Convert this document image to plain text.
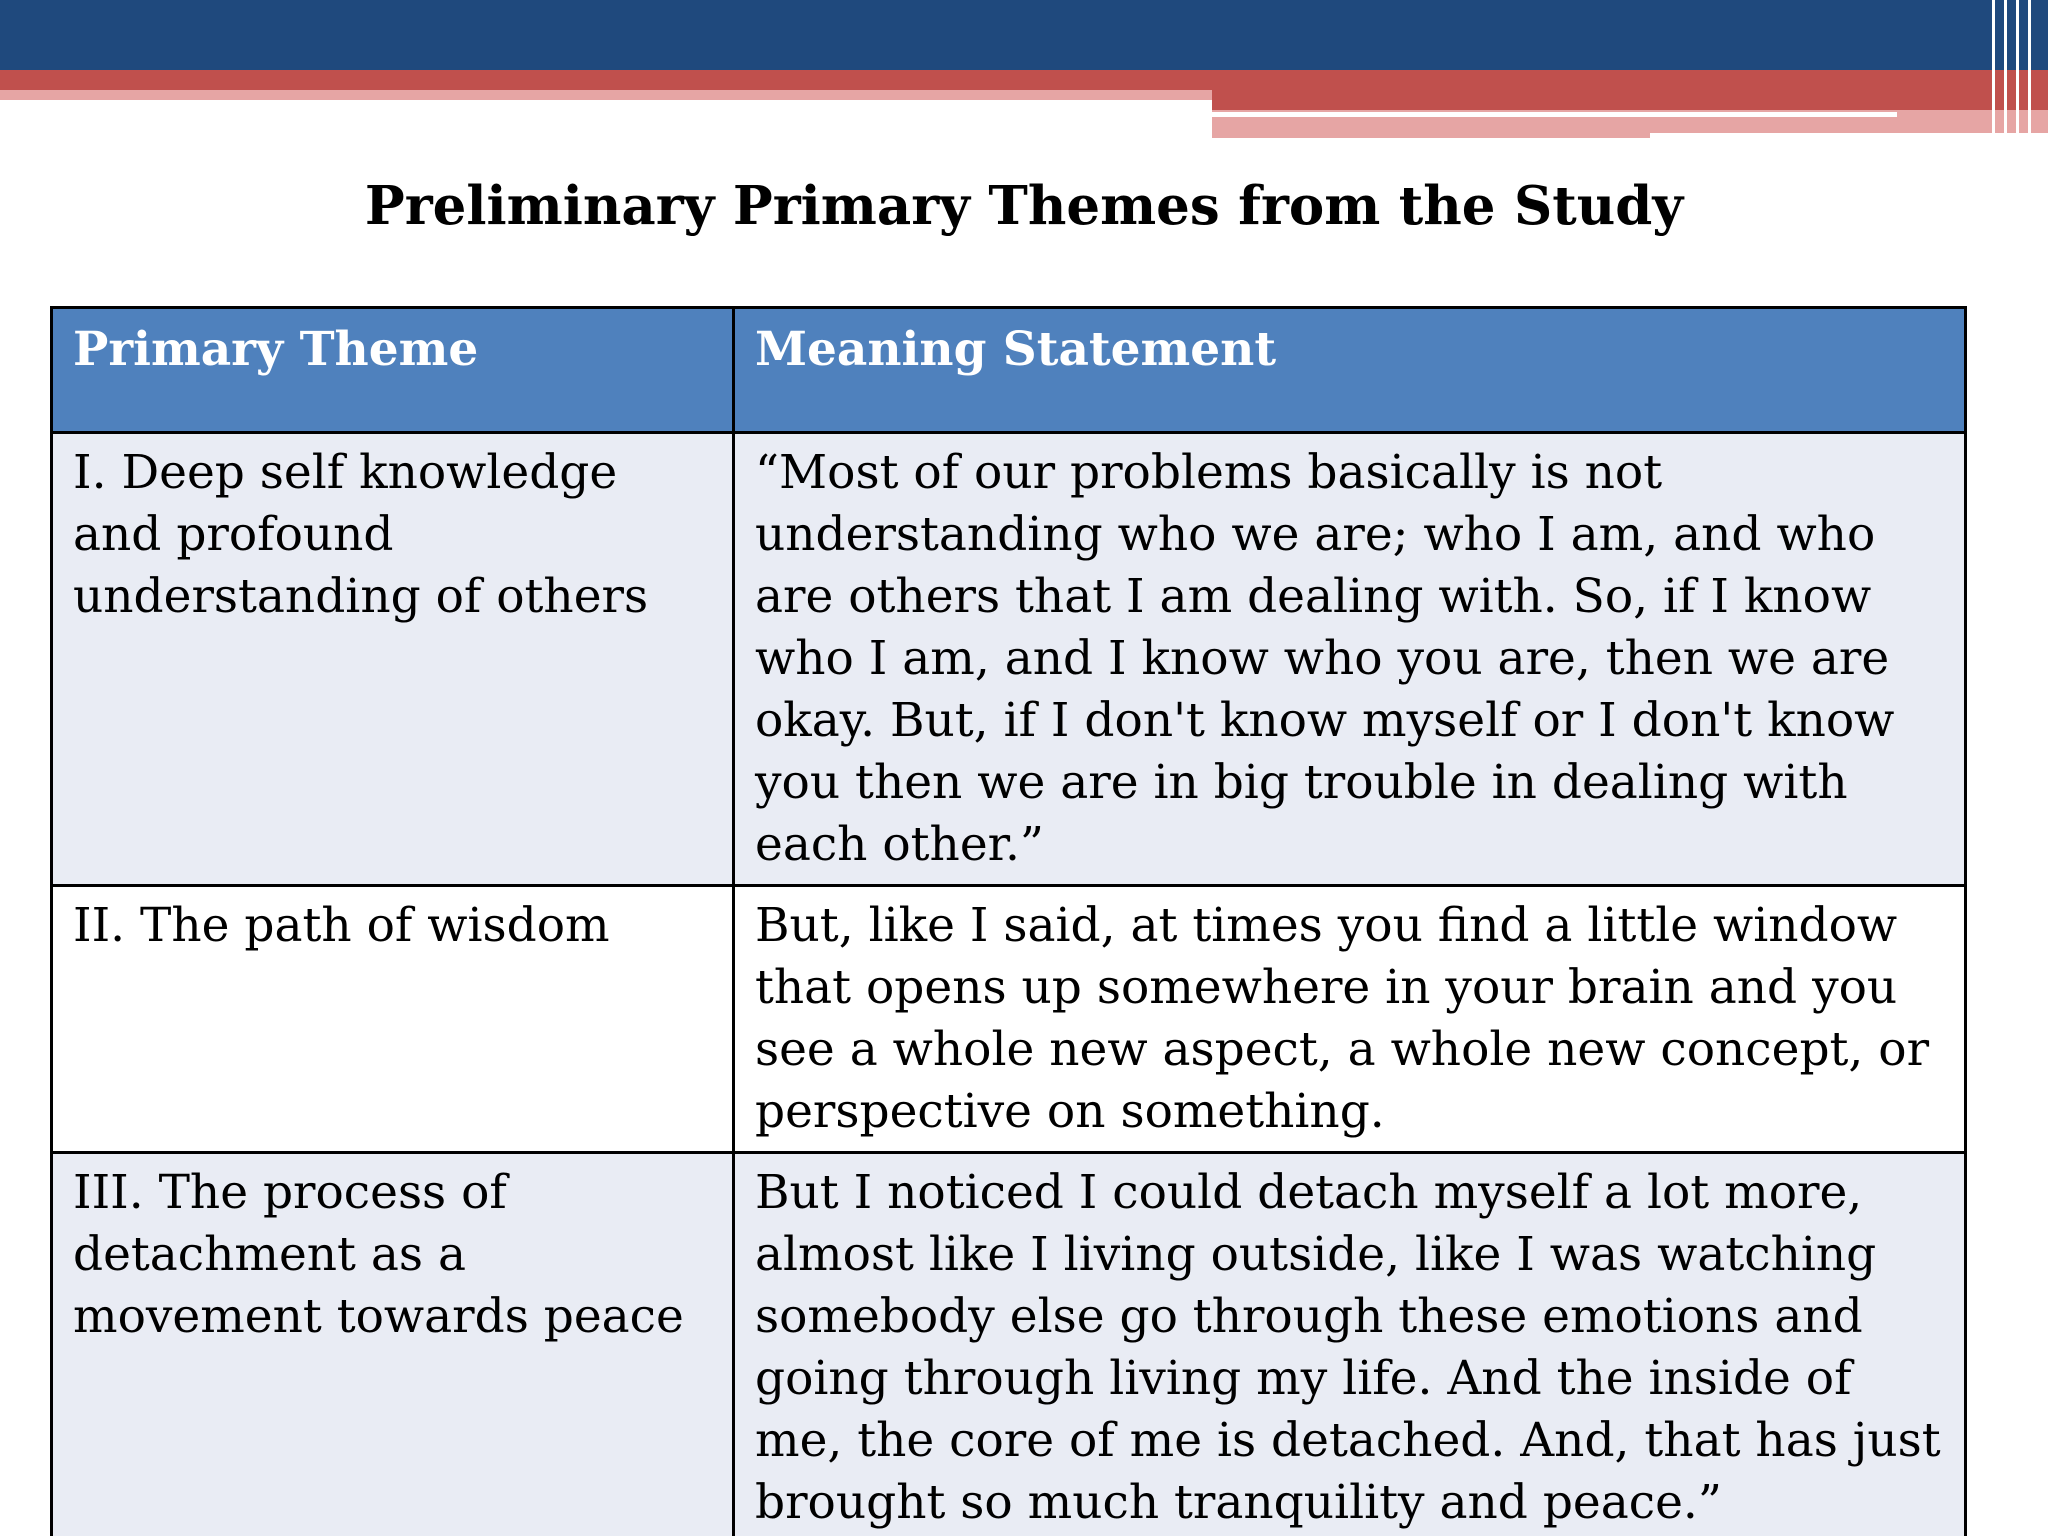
Preliminary Primary Themes from the Study
Primary Theme	Meaning Statement
I. Deep self knowledge and profound understanding of others	“Most of our problems basically is not understanding who we are; who I am, and who are others that I am dealing with. So, if I know who I am, and I know who you are, then we are okay. But, if I don't know myself or I don't know you then we are in big trouble in dealing with each other.”
II. The path of wisdom	But, like I said, at times you find a little window that opens up somewhere in your brain and you see a whole new aspect, a whole new concept, or perspective on something.
III. The process of detachment as a movement towards peace	But I noticed I could detach myself a lot more, almost like I living outside, like I was watching somebody else go through these emotions and going through living my life. And the inside of me, the core of me is detached. And, that has just brought so much tranquility and peace.”
